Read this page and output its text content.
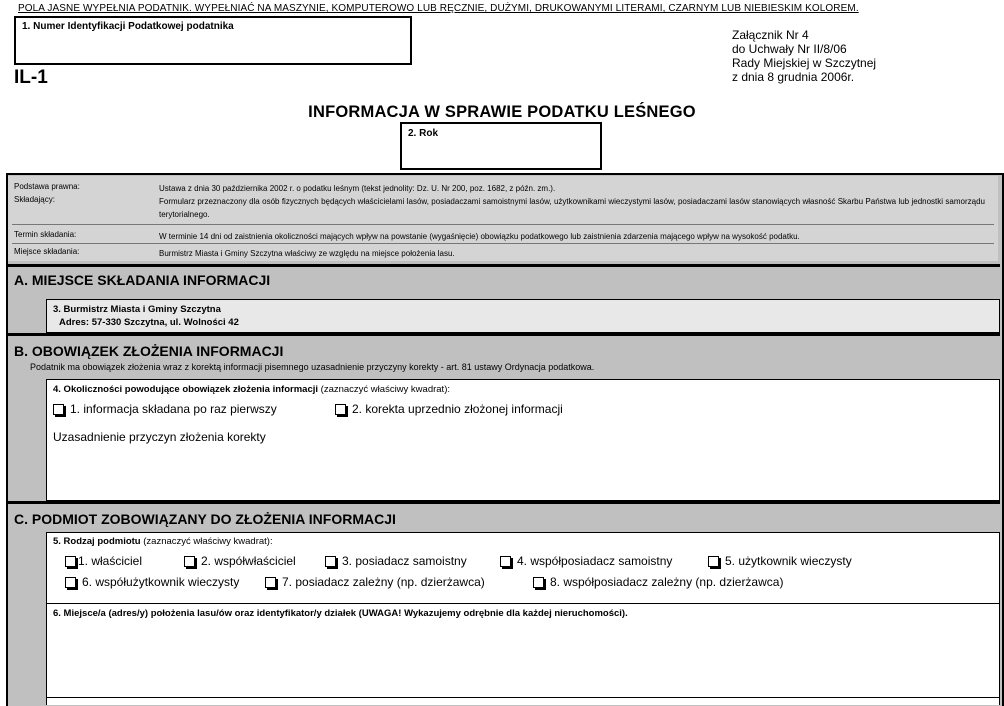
POLA JASNE WYPEŁNIA PODATNIK. WYPEŁNIAĆ NA MASZYNIE, KOMPUTEROWO LUB RĘCZNIE, DUŻYMI, DRUKOWANYMI LITERAMI, CZARNYM LUB NIEBIESKIM KOLOREM.
1. Numer Identyfikacji Podatkowej podatnika
Załącznik Nr 4
do Uchwały Nr II/8/06
Rady Miejskiej w Szczytnej
z dnia 8 grudnia 2006r.
IL-1
INFORMACJA W SPRAWIE PODATKU LEŚNEGO
2. Rok
Podstawa prawna:	Ustawa z dnia 30 października 2002 r. o podatku leśnym (tekst jednolity: Dz. U. Nr 200, poz. 1682, z późn. zm.).
Składający:	Formularz przeznaczony dla osób fizycznych będących właścicielami lasów, posiadaczami samoistnymi lasów, użytkownikami wieczystymi lasów, posiadaczami lasów stanowiących własność Skarbu Państwa lub jednostki samorządu terytorialnego.
Termin składania:	W terminie 14 dni od zaistnienia okoliczności mających wpływ na powstanie (wygaśnięcie) obowiązku podatkowego lub zaistnienia zdarzenia mającego wpływ na wysokość podatku.
Miejsce składania:	Burmistrz Miasta i Gminy Szczytna właściwy ze względu na miejsce położenia lasu.
A. MIEJSCE SKŁADANIA INFORMACJI
3. Burmistrz Miasta i Gminy Szczytna
Adres: 57-330 Szczytna, ul. Wolności 42
B. OBOWIĄZEK ZŁOŻENIA INFORMACJI
Podatnik ma obowiązek złożenia wraz z korektą informacji pisemnego uzasadnienie przyczyny korekty - art. 81 ustawy Ordynacja podatkowa.
4. Okoliczności powodujące obowiązek złożenia informacji (zaznaczyć właściwy kwadrat):
1. informacja składana po raz pierwszy	2. korekta uprzednio złożonej informacji
Uzasadnienie przyczyn złożenia korekty
C. PODMIOT ZOBOWIĄZANY DO ZŁOŻENIA INFORMACJI
5. Rodzaj podmiotu (zaznaczyć właściwy kwadrat):
1. właściciel	2. współwłaściciel	3. posiadacz samoistny	4. współposiadacz samoistny	5. użytkownik wieczysty
6. współużytkownik wieczysty	7. posiadacz zależny (np. dzierżawca)	8. współposiadacz zależny (np. dzierżawca)
6. Miejsce/a (adres/y) położenia lasu/ów oraz identyfikator/y działek (UWAGA! Wykazujemy odrębnie dla każdej nieruchomości).
